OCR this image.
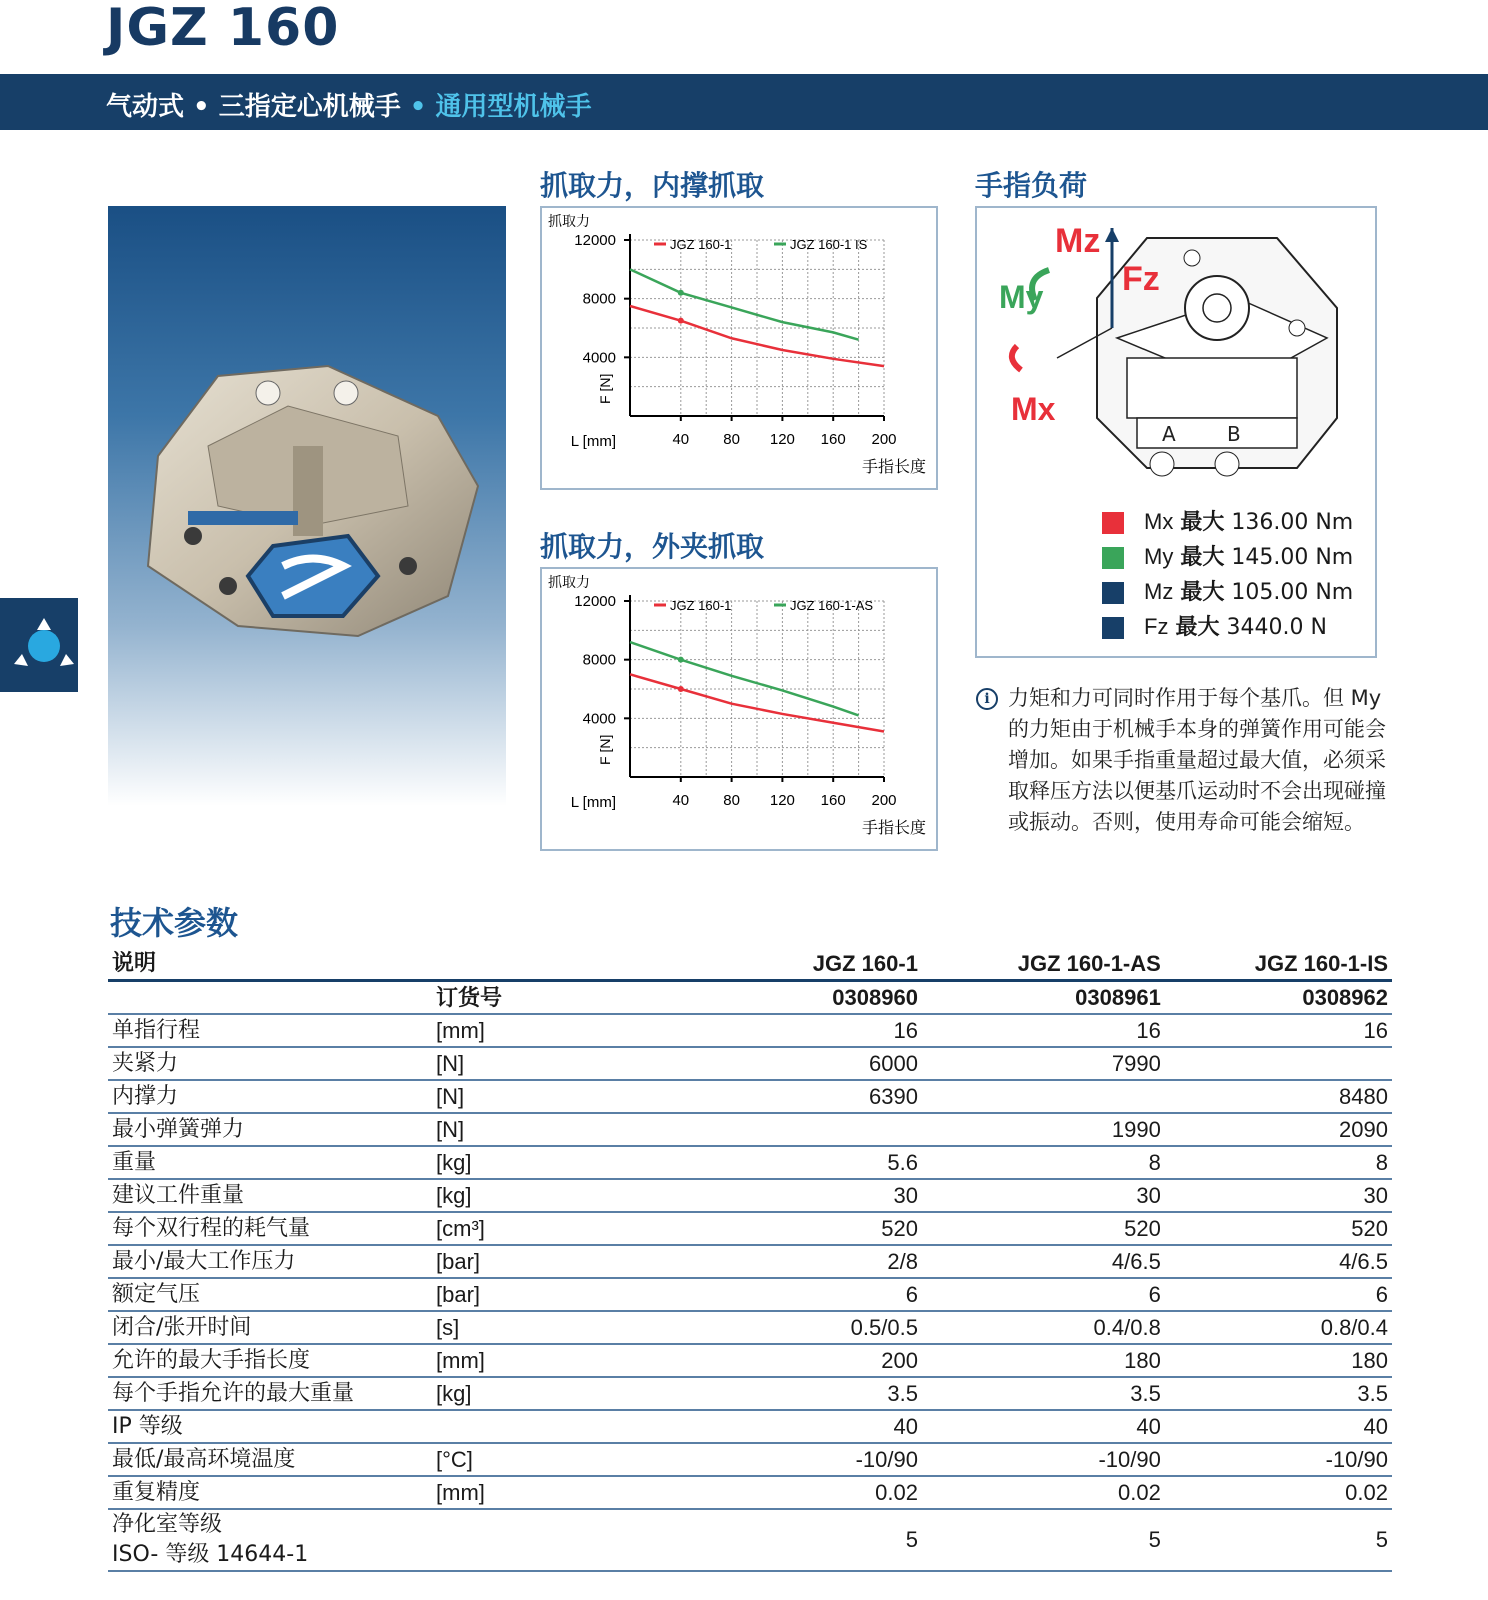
JGZ 160
气动式 • 三指定心机械手 • 通用型机械手
抓取力，内撑抓取
12000
8000
4000
40 80 120 160 200
抓取力
L [mm]
F [N]
手指长度
JGZ 160-1	JGZ 160-1 IS
抓取力，外夹抓取
12000
8000
4000
40 80 120 160 200
抓取力
L [mm]
F [N]
手指长度
JGZ 160-1	JGZ 160-1-AS
手指负荷
A	B
Mz
Fz
My
Mx
Mx 最大 136.00 Nm
My 最大 145.00 Nm
Mz 最大 105.00 Nm
Fz 最大 3440.0 N
i 力矩和力可同时作用于每个基爪。但 My 的力矩由于机械手本身的弹簧作用可能会增加。如果手指重量超过最大值，必须采取释压方法以便基爪运动时不会出现碰撞或振动。否则，使用寿命可能会缩短。
技术参数
说明		JGZ 160-1	JGZ 160-1-AS	JGZ 160-1-IS
	订货号	0308960	0308961	0308962
单指行程	[mm]	16	16	16
夹紧力	[N]	6000	7990	
内撑力	[N]	6390		8480
最小弹簧弹力	[N]		1990	2090
重量	[kg]	5.6	8	8
建议工件重量	[kg]	30	30	30
每个双行程的耗气量	[cm³]	520	520	520
最小/最大工作压力	[bar]	2/8	4/6.5	4/6.5
额定气压	[bar]	6	6	6
闭合/张开时间	[s]	0.5/0.5	0.4/0.8	0.8/0.4
允许的最大手指长度	[mm]	200	180	180
每个手指允许的最大重量	[kg]	3.5	3.5	3.5
IP 等级		40	40	40
最低/最高环境温度	[°C]	-10/90	-10/90	-10/90
重复精度	[mm]	0.02	0.02	0.02

净化室等级
ISO- 等级 14644-1		5	5	5
